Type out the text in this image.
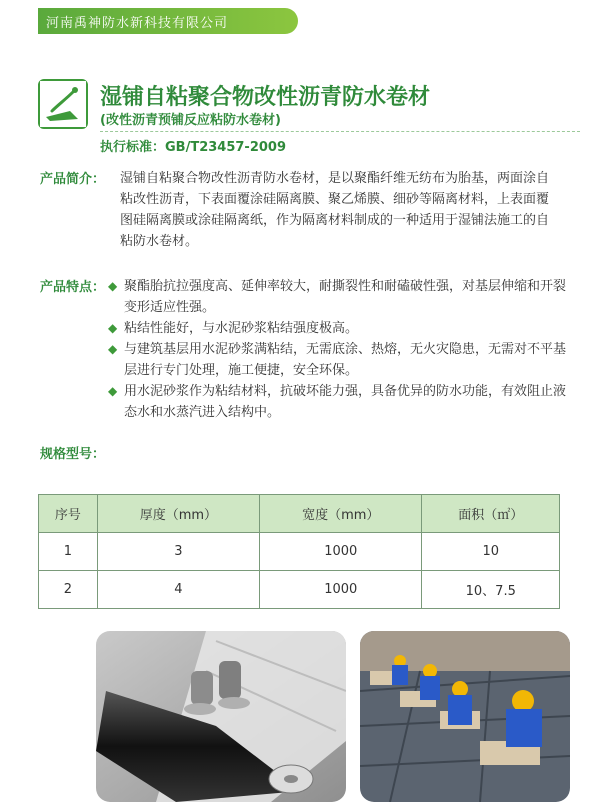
河南禹神防水新科技有限公司
湿铺自粘聚合物改性沥青防水卷材
(改性沥青预铺反应粘防水卷材)
执行标准：GB/T23457-2009
产品简介： 湿铺自粘聚合物改性沥青防水卷材，是以聚酯纤维无纺布为胎基，两面涂自粘改性沥青，下表面覆涂硅隔离膜、聚乙烯膜、细砂等隔离材料，上表面覆图硅隔离膜或涂硅隔离纸，作为隔离材料制成的一种适用于湿铺法施工的自粘防水卷材。
产品特点： ◆ 聚酯胎抗拉强度高、延伸率较大，耐撕裂性和耐磕破性强，对基层伸缩和开裂变形适应性强。
◆ 粘结性能好，与水泥砂浆粘结强度极高。
◆ 与建筑基层用水泥砂浆满粘结，无需底涂、热熔，无火灾隐患，无需对不平基层进行专门处理，施工便捷，安全环保。
◆ 用水泥砂浆作为粘结材料，抗破坏能力强，具备优异的防水功能，有效阻止液态水和水蒸汽进入结构中。
规格型号：
序号	厚度（mm）	宽度（mm）	面积（㎡）
1	3	1000	10
2	4	1000	10、7.5
